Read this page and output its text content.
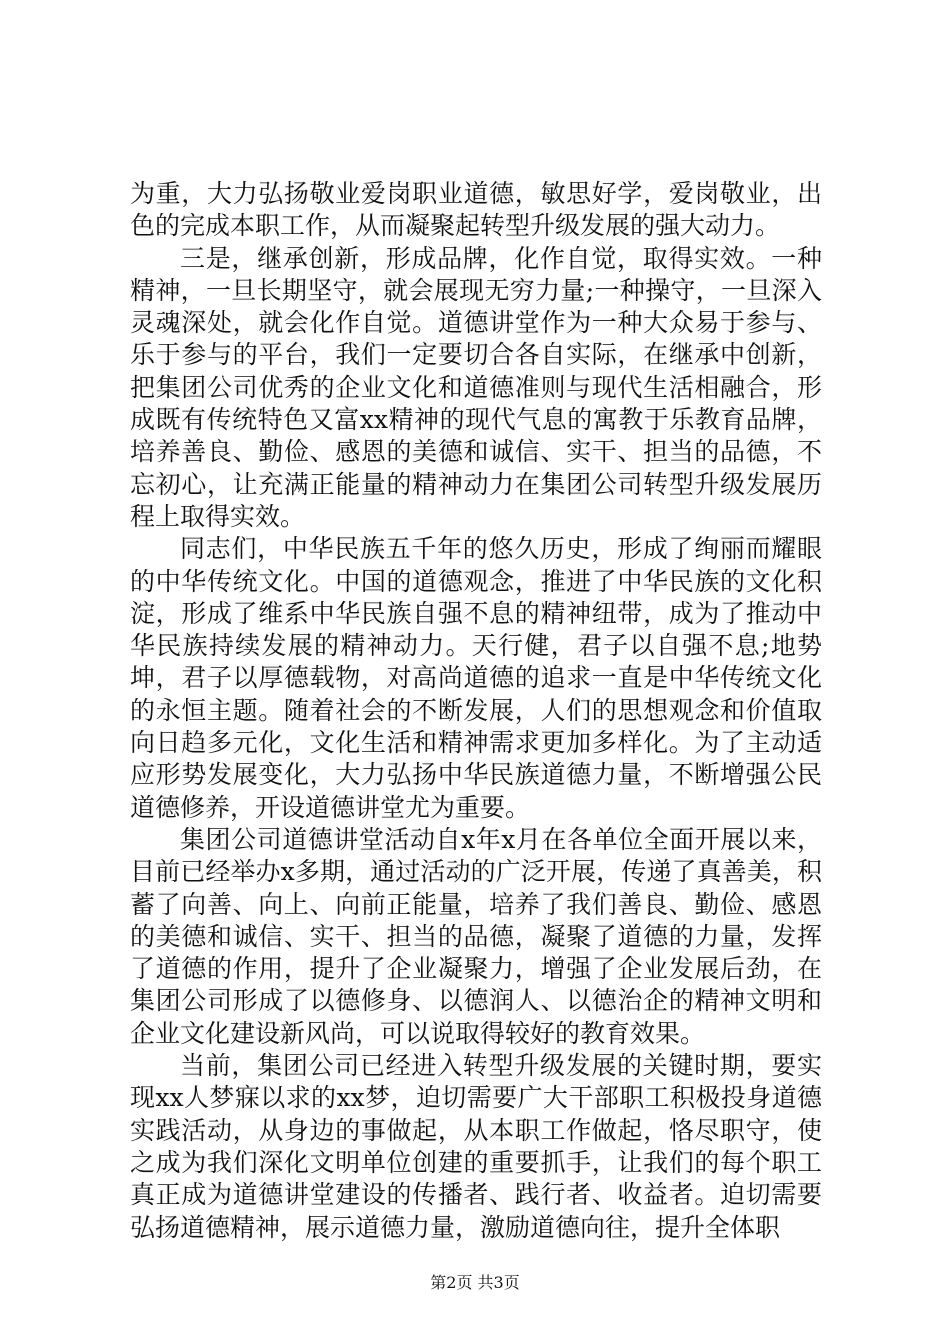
为重，大力弘扬敬业爱岗职业道德，敏思好学，爱岗敬业，出色的完成本职工作，从而凝聚起转型升级发展的强大动力。

三是，继承创新，形成品牌，化作自觉，取得实效。一种精神，一旦长期坚守，就会展现无穷力量;一种操守，一旦深入灵魂深处，就会化作自觉。道德讲堂作为一种大众易于参与、乐于参与的平台，我们一定要切合各自实际，在继承中创新，把集团公司优秀的企业文化和道德准则与现代生活相融合，形成既有传统特色又富xx精神的现代气息的寓教于乐教育品牌，培养善良、勤俭、感恩的美德和诚信、实干、担当的品德，不忘初心，让充满正能量的精神动力在集团公司转型升级发展历程上取得实效。

同志们，中华民族五千年的悠久历史，形成了绚丽而耀眼的中华传统文化。中国的道德观念，推进了中华民族的文化积淀，形成了维系中华民族自强不息的精神纽带，成为了推动中华民族持续发展的精神动力。天行健，君子以自强不息;地势坤，君子以厚德载物，对高尚道德的追求一直是中华传统文化的永恒主题。随着社会的不断发展，人们的思想观念和价值取向日趋多元化，文化生活和精神需求更加多样化。为了主动适应形势发展变化，大力弘扬中华民族道德力量，不断增强公民道德修养，开设道德讲堂尤为重要。

集团公司道德讲堂活动自x年x月在各单位全面开展以来，目前已经举办x多期，通过活动的广泛开展，传递了真善美，积蓄了向善、向上、向前正能量，培养了我们善良、勤俭、感恩的美德和诚信、实干、担当的品德，凝聚了道德的力量，发挥了道德的作用，提升了企业凝聚力，增强了企业发展后劲，在集团公司形成了以德修身、以德润人、以德治企的精神文明和企业文化建设新风尚，可以说取得较好的教育效果。

当前，集团公司已经进入转型升级发展的关键时期，要实现xx人梦寐以求的xx梦，迫切需要广大干部职工积极投身道德实践活动，从身边的事做起，从本职工作做起，恪尽职守，使之成为我们深化文明单位创建的重要抓手，让我们的每个职工真正成为道德讲堂建设的传播者、践行者、收益者。迫切需要弘扬道德精神，展示道德力量，激励道德向往，提升全体职

第2页 共3页
